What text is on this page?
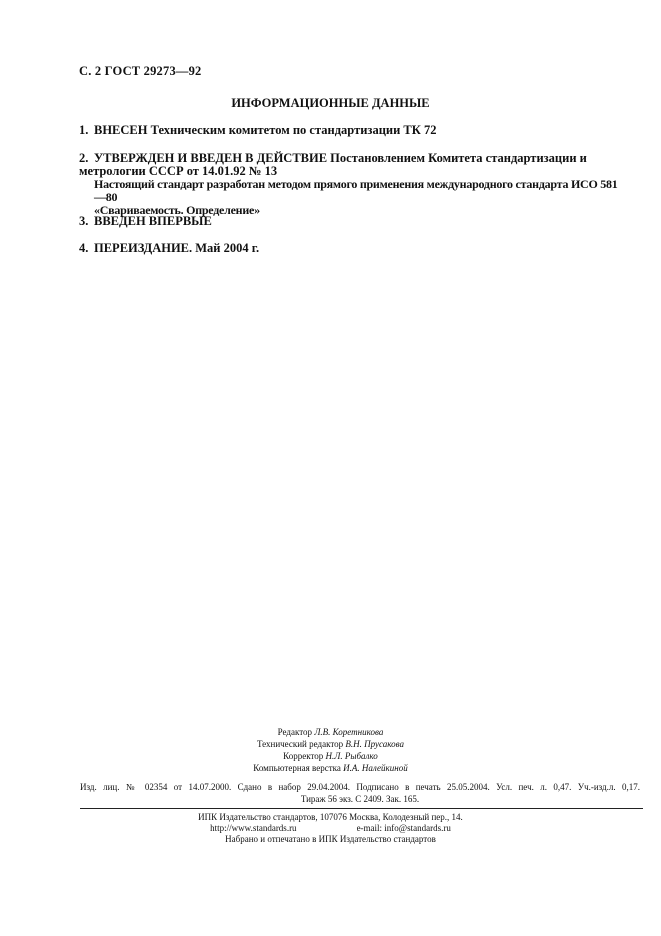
С. 2 ГОСТ 29273—92
ИНФОРМАЦИОННЫЕ ДАННЫЕ
1. ВНЕСЕН Техническим комитетом по стандартизации ТК 72
2. УТВЕРЖДЕН И ВВЕДЕН В ДЕЙСТВИЕ Постановлением Комитета стандартизации и метрологии СССР от 14.01.92 № 13
Настоящий стандарт разработан методом прямого применения международного стандарта ИСО 581—80
«Свариваемость. Определение»
3. ВВЕДЕН ВПЕРВЫЕ
4. ПЕРЕИЗДАНИЕ. Май 2004 г.
Редактор Л.В. Коретникова
Технический редактор В.Н. Прусакова
Корректор Н.Л. Рыбалко
Компьютерная верстка И.А. Налейкиной
Изд. лиц. № 02354 от 14.07.2000. Сдано в набор 29.04.2004. Подписано в печать 25.05.2004. Усл. печ. л. 0,47. Уч.-изд.л. 0,17.
Тираж 56 экз. С 2409. Зак. 165.
ИПК Издательство стандартов, 107076 Москва, Колодезный пер., 14.
http://www.standards.ru	e-mail: info@standards.ru
Набрано и отпечатано в ИПК Издательство стандартов
